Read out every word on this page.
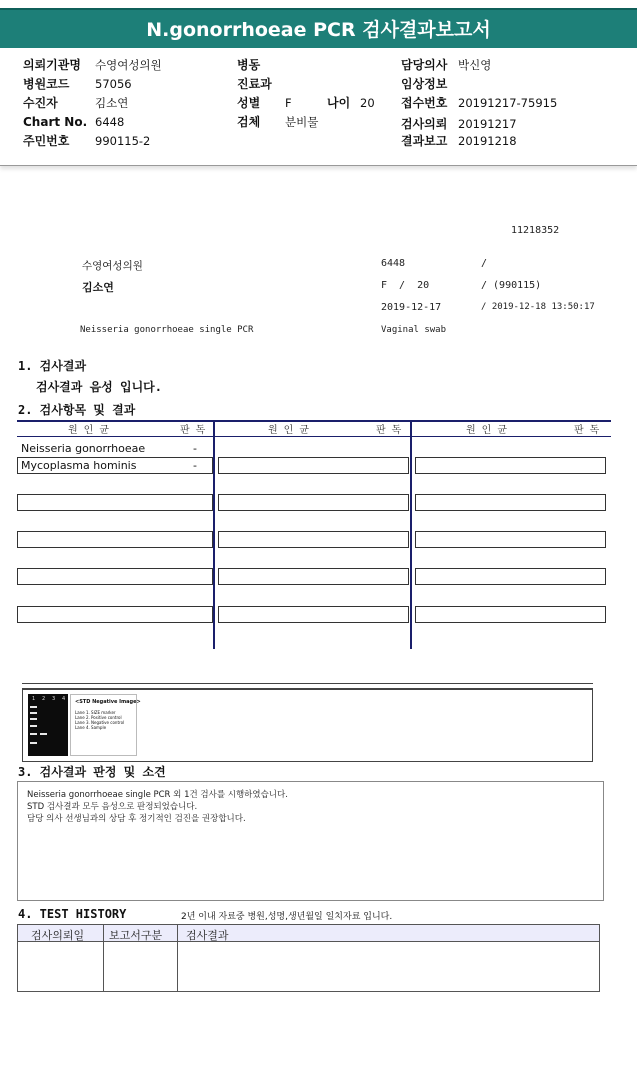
N.gonorrhoeae PCR 검사결과보고서
의뢰기관명 수영여성의원
병원코드 57056
수진자	김소연
Chart No. 6448
주민번호 990115-2
병동
진료과
성별 F	나이 20
검체 분비물
담당의사 박신영
임상정보
접수번호 20191217-75915
검사의뢰 20191217
결과보고 20191218
11218352
수영여성의원	6448	/
김소연	F  /  20	/ (990115)
2019-12-17	/ 2019-12-18 13:50:17
Neisseria gonorrhoeae single PCR	Vaginal swab
1. 검사결과
검사결과 음성 입니다.
2. 검사항목 및 결과
원 인 균	판 독	원 인 균	판 독	원 인 균	판 독
Neisseria gonorrhoeae	-
Mycoplasma hominis	-
1 2 3 4 <STD Negative Image>
Lane 1. SIZE marker
Lane 2. Positive control
Lane 3. Negative control
Lane 4. Sample
3. 검사결과 판정 및 소견
Neisseria gonorrhoeae single PCR 외 1건 검사를 시행하였습니다.
STD 검사결과 모두 음성으로 판정되었습니다.
담당 의사 선생님과의 상담 후 정기적인 검진을 권장합니다.
4. TEST HISTORY	2년 이내 자료중 병원,성명,생년월일 일치자료 입니다.
검사의뢰일 보고서구분 검사결과
